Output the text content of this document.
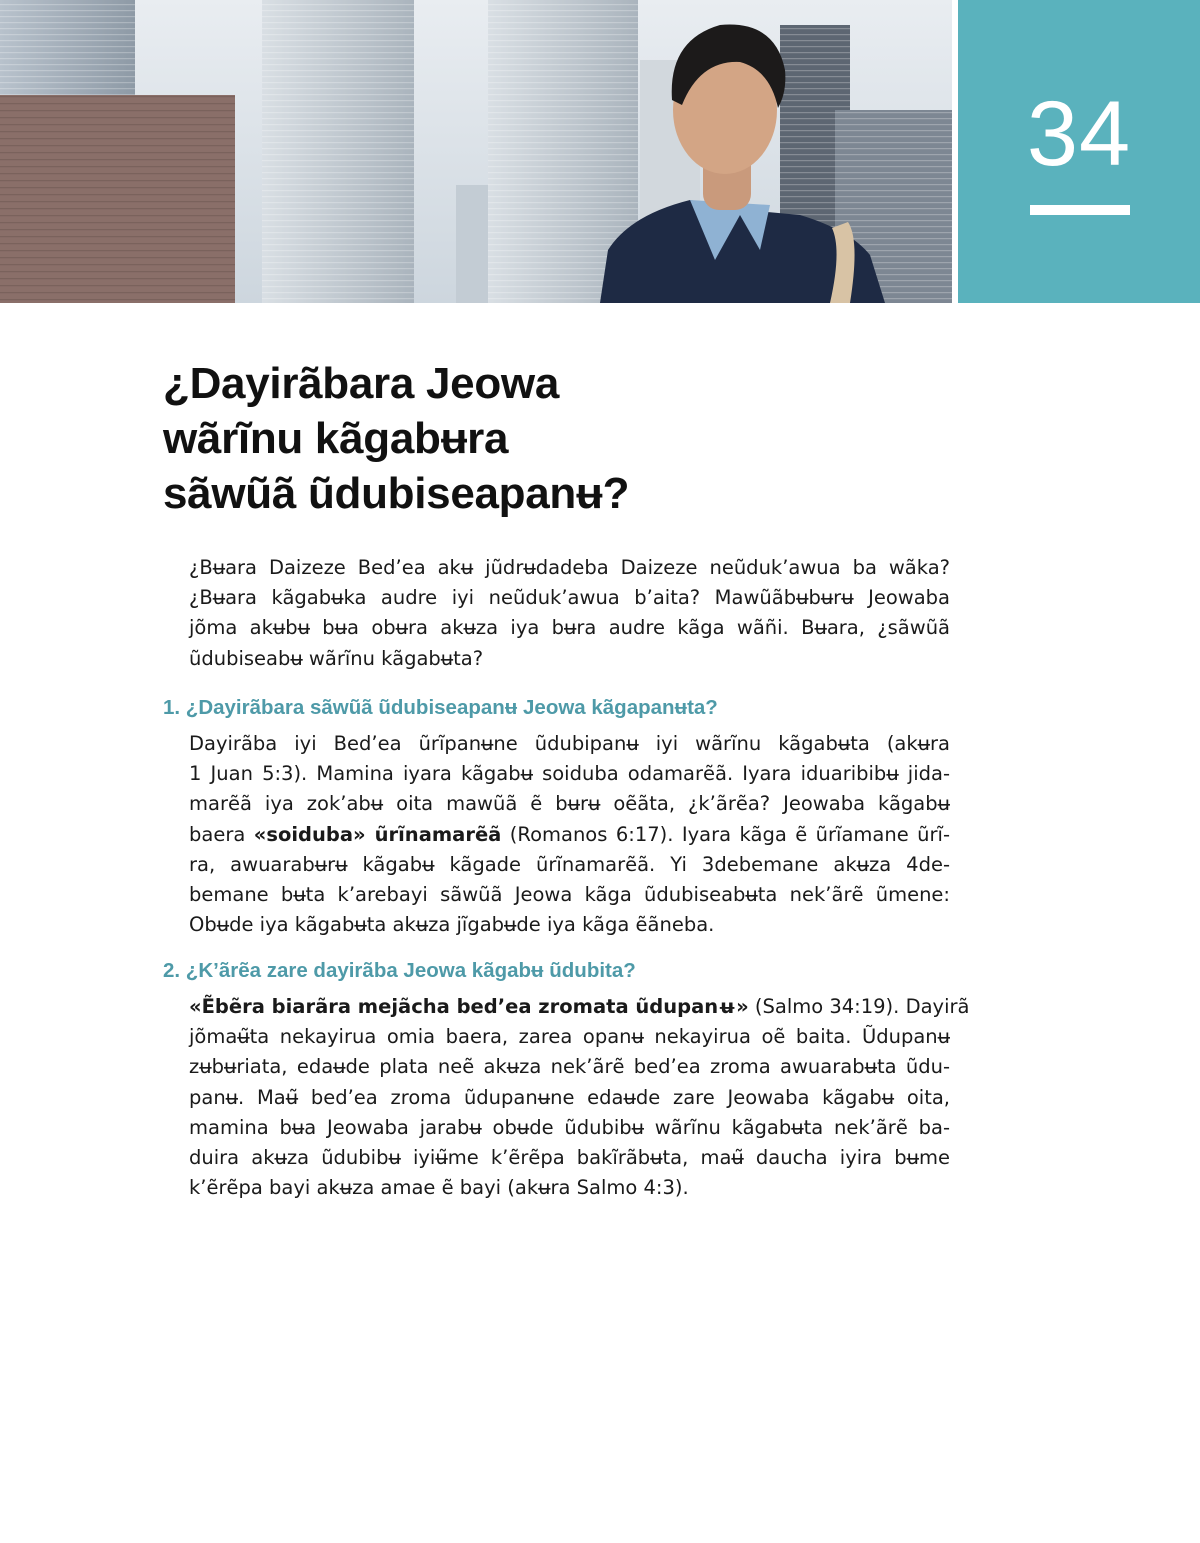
34
¿Dayirãbara Jeowa
wãrĩnu kãgabʉra
sãwũã ũdubiseapanʉ?

¿Bʉara Daizeze Bed’ea akʉ jũdrʉdadeba Daizeze neũduk’awua ba wãka?
¿Bʉara kãgabʉka audre iyi neũduk’awua b’aita? Mawũãbʉbʉrʉ Jeowaba
jõma akʉbʉ bʉa obʉra akʉza iya bʉra audre kãga wãñi. Bʉara, ¿sãwũã
ũdubiseabʉ wãrĩnu kãgabʉta?

1. ¿Dayirãbara sãwũã ũdubiseapanʉ Jeowa kãgapanʉta?

Dayirãba iyi Bed’ea ũrĩpanʉne ũdubipanʉ iyi wãrĩnu kãgabʉta (akʉra
1 Juan 5:3). Mamina iyara kãgabʉ soiduba odamarẽã. Iyara iduaribibʉ jida-
marẽã iya zok’abʉ oita mawũã ẽ bʉrʉ oẽãta, ¿k’ãrẽa? Jeowaba kãgabʉ
baera «soiduba» ũrĩnamarẽã (Romanos 6:17). Iyara kãga ẽ ũrĩamane ũrĩ-
ra, awuarabʉrʉ kãgabʉ kãgade ũrĩnamarẽã. Yi 3debemane akʉza 4de-
bemane bʉta k’arebayi sãwũã Jeowa kãga ũdubiseabʉta nek’ãrẽ ũmene:
Obʉde iya kãgabʉta akʉza jĩgabʉde iya kãga ẽãneba.

2. ¿K’ãrẽa zare dayirãba Jeowa kãgabʉ ũdubita?

«Ẽbẽra biarãra mejãcha bed’ea zromata ũdupanʉ» (Salmo 34:19). Dayirã
jõmaʉ̃ta nekayirua omia baera, zarea opanʉ nekayirua oẽ baita. Ũdupanʉ
zʉbʉriata, edaʉde plata neẽ akʉza nek’ãrẽ bed’ea zroma awuarabʉta ũdu-
panʉ. Maʉ̃ bed’ea zroma ũdupanʉne edaʉde zare Jeowaba kãgabʉ oita,
mamina bʉa Jeowaba jarabʉ obʉde ũdubibʉ wãrĩnu kãgabʉta nek’ãrẽ ba-
duira akʉza ũdubibʉ iyiʉ̃me k’ẽrẽpa bakĩrãbʉta, maʉ̃ daucha iyira bʉme
k’ẽrẽpa bayi akʉza amae ẽ bayi (akʉra Salmo 4:3).
